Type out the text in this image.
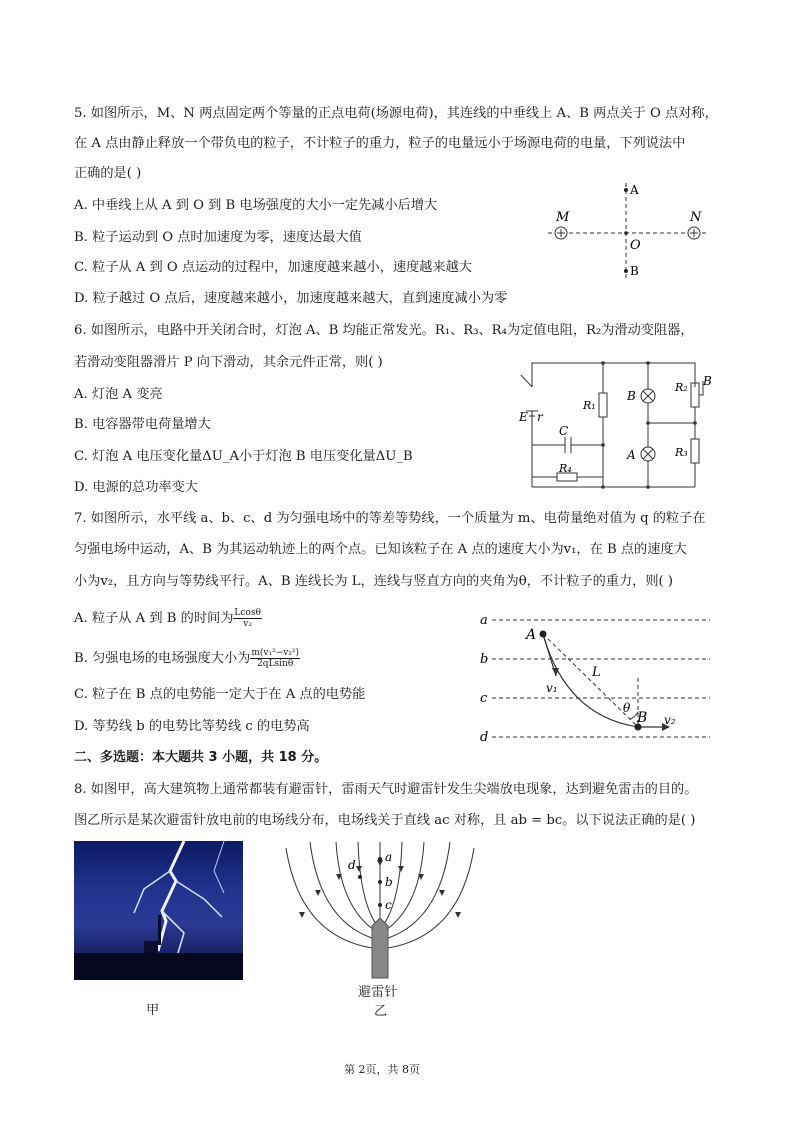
5. 如图所示，M、N 两点固定两个等量的正点电荷(场源电荷)，其连线的中垂线上 A、B 两点关于 O 点对称，
在 A 点由静止释放一个带负电的粒子，不计粒子的重力，粒子的电量远小于场源电荷的电量，下列说法中
正确的是( )
A. 中垂线上从 A 到 O 到 B 电场强度的大小一定先减小后增大
B. 粒子运动到 O 点时加速度为零，速度达最大值
C. 粒子从 A 到 O 点运动的过程中，加速度越来越小，速度越来越大
D. 粒子越过 O 点后，速度越来越小，加速度越来越大，直到速度减小为零
M	N
O
A
B
6. 如图所示，电路中开关闭合时，灯泡 A、B 均能正常发光。R₁、R₃、R₄为定值电阻，R₂为滑动变阻器，
若滑动变阻器滑片 P 向下滑动，其余元件正常，则( )
A. 灯泡 A 变亮
B. 电容器带电荷量增大
C. 灯泡 A 电压变化量ΔU_A小于灯泡 B 电压变化量ΔU_B
D. 电源的总功率变大
E r
C
R₁
R₄
B
A
R₂ B
R₃
7. 如图所示，水平线 a、b、c、d 为匀强电场中的等差等势线，一个质量为 m、电荷量绝对值为 q 的粒子在
匀强电场中运动，A、B 为其运动轨迹上的两个点。已知该粒子在 A 点的速度大小为v₁，在 B 点的速度大
小为v₂，且方向与等势线平行。A、B 连线长为 L，连线与竖直方向的夹角为θ，不计粒子的重力，则( )
A. 粒子从 A 到 B 的时间为 $\frac{Lcos\theta}{\text{v₂}}$
B. 匀强电场的电场强度大小为 $\frac{\text{m(v₁²−v₂²)}}{2qLsin\theta}$
C. 粒子在 B 点的电势能一定大于在 A 点的电势能
D. 等势线 b 的电势比等势线 c 的电势高
a
b
c
d
A
B
L
θ
v₁
v₂
二、多选题：本大题共 3 小题，共 18 分。
8. 如图甲，高大建筑物上通常都装有避雷针，雷雨天气时避雷针发生尖端放电现象，达到避免雷击的目的。
图乙所示是某次避雷针放电前的电场线分布，电场线关于直线 ac 对称，且 ab = bc。以下说法正确的是( )
甲
a
b
c
d
避雷针
乙
第 2页，共 8页
